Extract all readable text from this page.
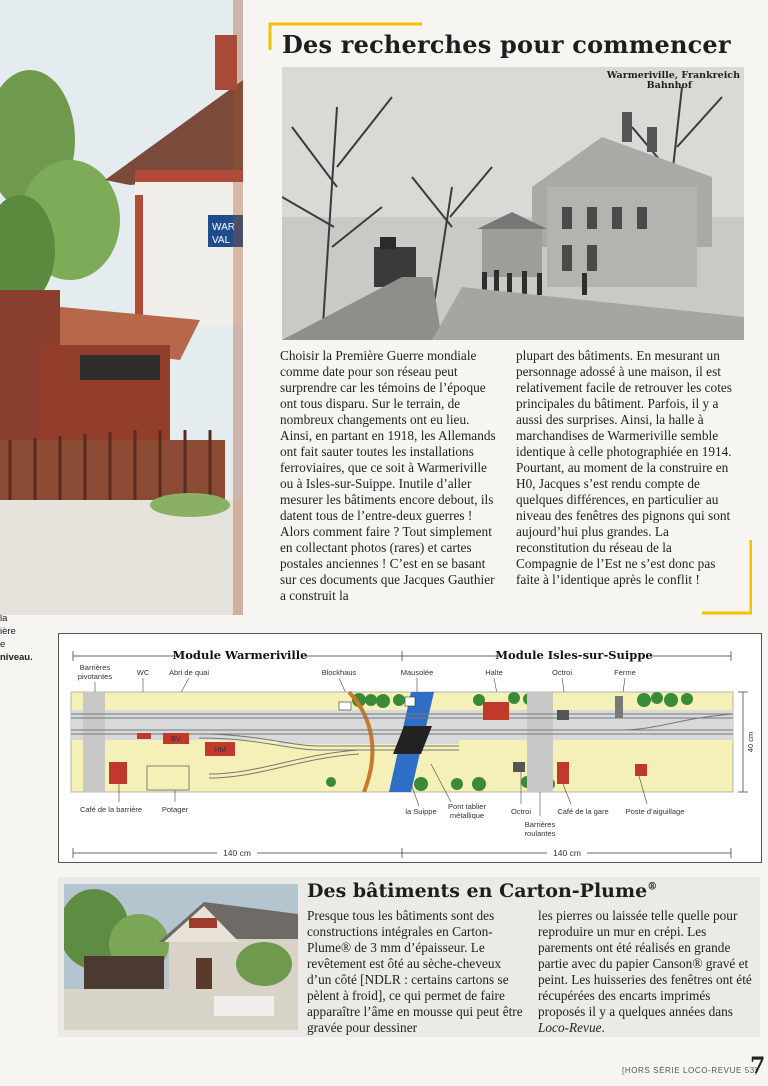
WAR
VAL
la
ière
e
niveau.
Des recherches pour commencer
Warmeriville, Frankreich
Bahnhof

Choisir la Première Guerre mondiale comme date pour son réseau peut surprendre car les témoins de l’époque ont tous disparu. Sur le terrain, de nombreux changements ont eu lieu. Ainsi, en partant en 1918, les Allemands ont fait sauter toutes les installations ferroviaires, que ce soit à Warmeriville ou à Isles-sur-Suippe. Inutile d’aller mesurer les bâtiments encore debout, ils datent tous de l’entre-deux guerres ! Alors comment faire ? Tout simplement en collectant photos (rares) et cartes postales anciennes ! C’est en se basant sur ces documents que Jacques Gauthier a construit la

plupart des bâtiments. En mesurant un personnage adossé à une maison, il est relativement facile de retrouver les cotes principales du bâtiment. Parfois, il y a aussi des surprises. Ainsi, la halle à marchandises de Warmeriville semble identique à celle photographiée en 1914. Pourtant, au moment de la construire en H0, Jacques s’est rendu compte de quelques différences, en particulier au niveau des fenêtres des pignons qui sont aujourd’hui plus grandes. La reconstitution du réseau de la Compagnie de l’Est ne s’est donc pas faite à l’identique après le conflit !

Module Warmeriville	Module Isles-sur-Suippe
Barrières
pivotantes	WC	Abri de quai	Blockhaus	Mausolée	Halte	Octroi	Ferme
BV
HM	40 cm
Café de la barrière	Potager	la Suippe
Pont tablier
métallique	Octroi
Barrières
roulantes
Café de la gare Poste d’aiguillage
140 cm	140 cm
Des bâtiments en Carton-Plume®

Presque tous les bâtiments sont des constructions intégrales en Carton-Plume® de 3 mm d’épaisseur. Le revêtement est ôté au sèche-cheveux d’un côté [NDLR : certains cartons se pèlent à froid], ce qui permet de faire apparaître l’âme en mousse qui peut être gravée pour dessiner

les pierres ou laissée telle quelle pour reproduire un mur en crépi. Les parements ont été réalisés en grande partie avec du papier Canson® gravé et peint. Les huisseries des fenêtres ont été récupérées des encarts imprimés proposés il y a quelques années dans Loco-Revue.

[HORS SÉRIE LOCO-REVUE 53]
7
